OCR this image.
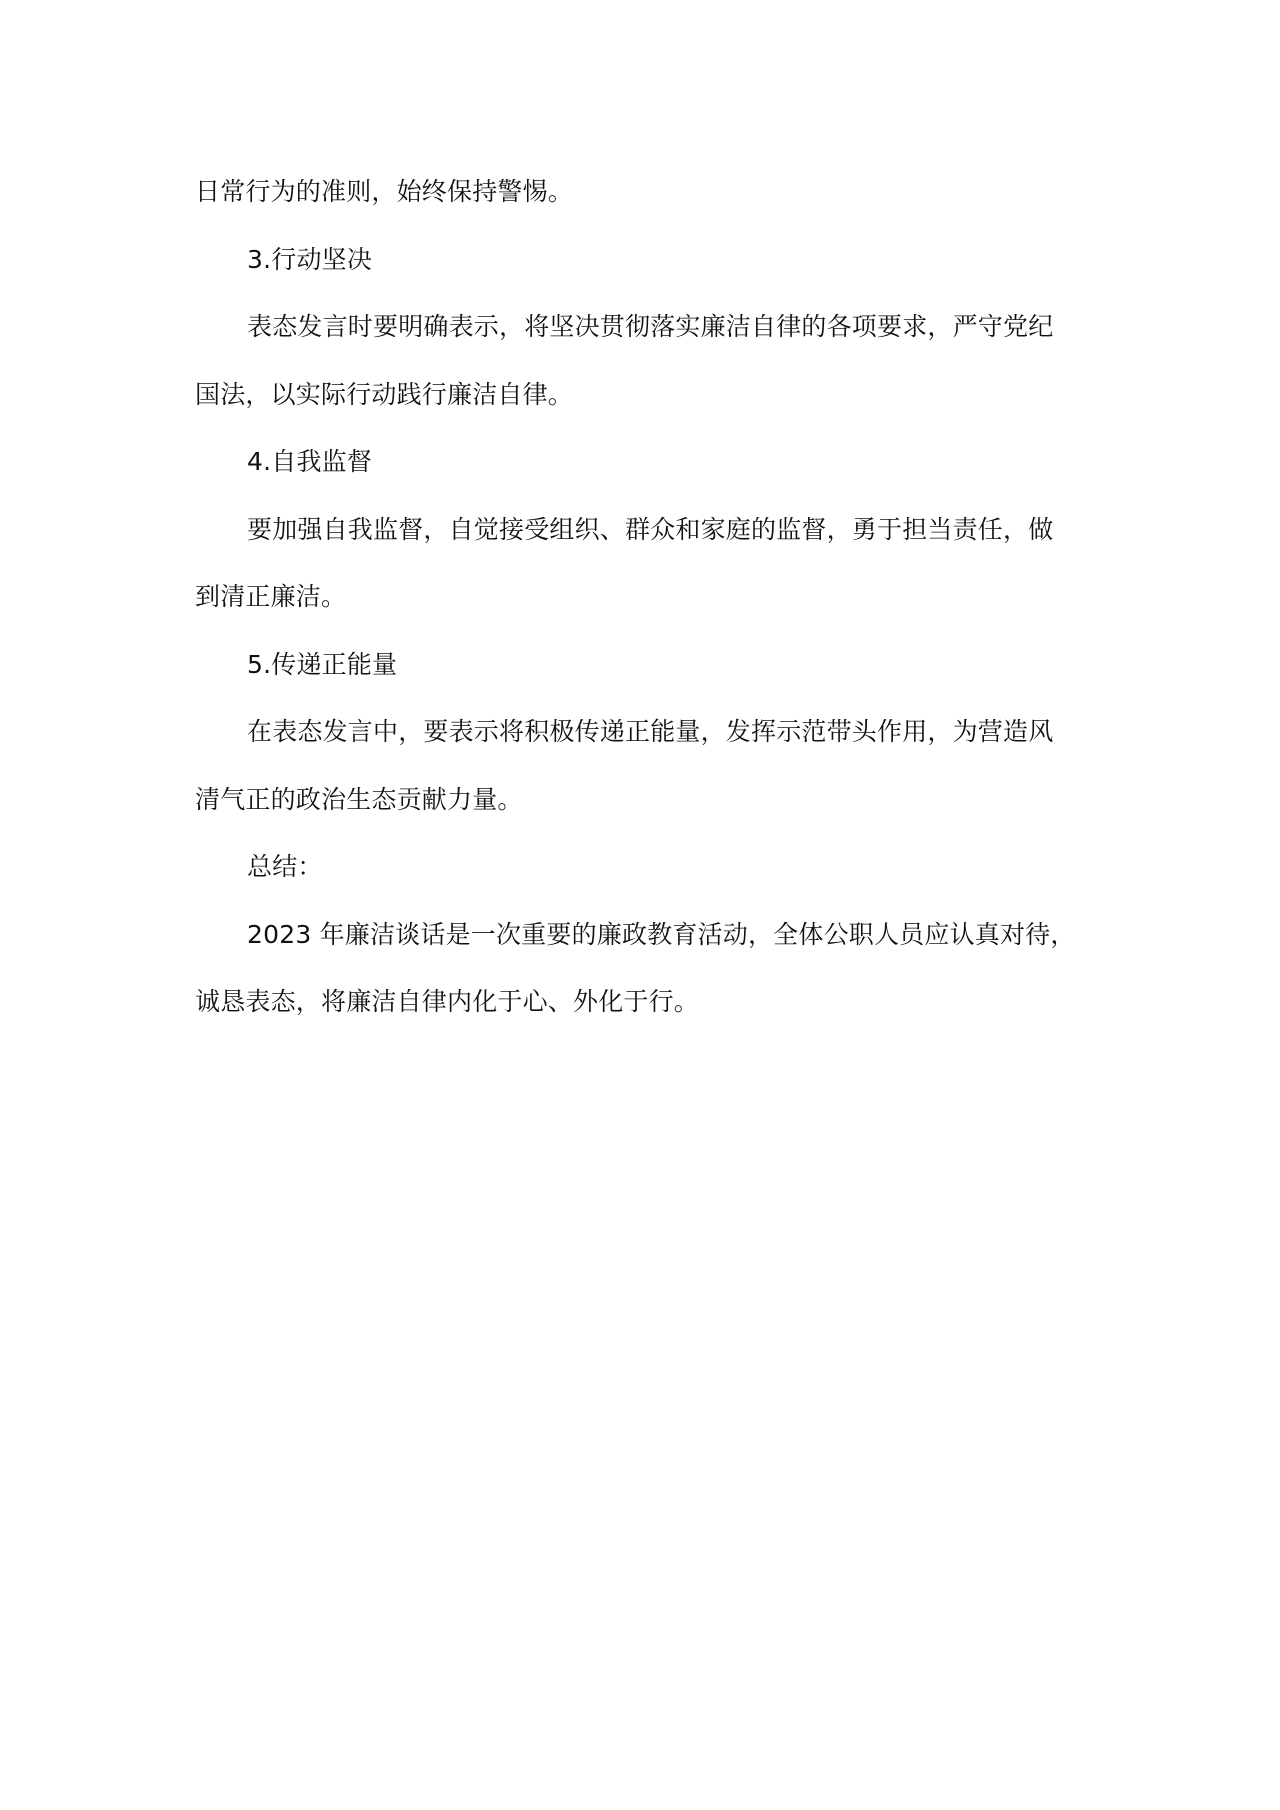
日常行为的准则，始终保持警惕。
3.行动坚决
表态发言时要明确表示，将坚决贯彻落实廉洁自律的各项要求，严守党纪
国法，以实际行动践行廉洁自律。
4.自我监督
要加强自我监督，自觉接受组织、群众和家庭的监督，勇于担当责任，做
到清正廉洁。
5.传递正能量
在表态发言中，要表示将积极传递正能量，发挥示范带头作用，为营造风
清气正的政治生态贡献力量。
总结：
2023 年廉洁谈话是一次重要的廉政教育活动，全体公职人员应认真对待，
诚恳表态，将廉洁自律内化于心、外化于行。
